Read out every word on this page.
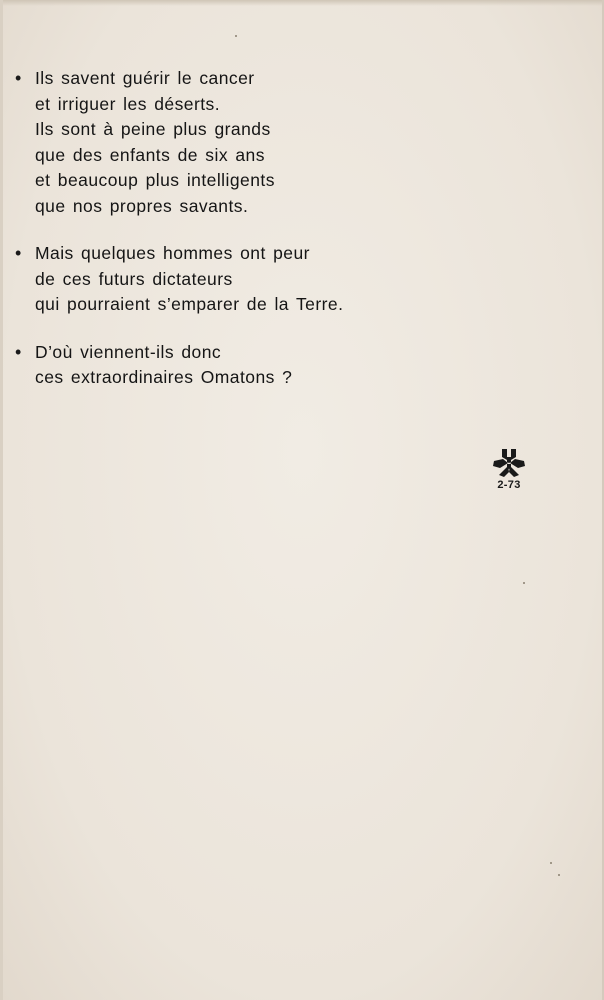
• Ils savent guérir le cancer
et irriguer les déserts.
Ils sont à peine plus grands
que des enfants de six ans
et beaucoup plus intelligents
que nos propres savants.
• Mais quelques hommes ont peur
de ces futurs dictateurs
qui pourraient s’emparer de la Terre.
• D’où viennent-ils donc
ces extraordinaires Omatons ?
2-73
